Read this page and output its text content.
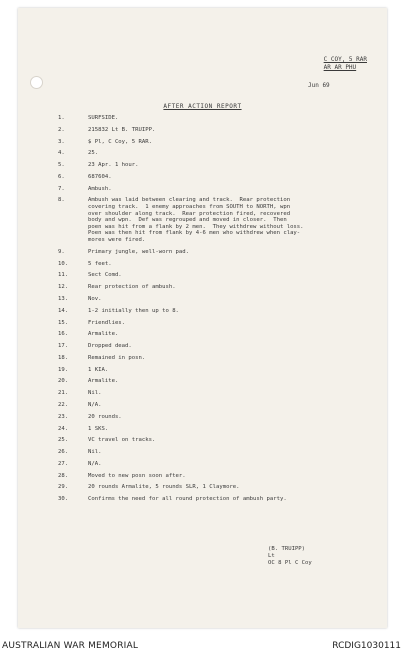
C COY, 5 RAR
AR AR PHU
Jun 69
AFTER ACTION REPORT
1.	SURFSIDE.
2.	215832 Lt B. TRUIPP.
3.	$ Pl, C Coy, 5 RAR.
4.	25.
5.	23 Apr. 1 hour.
6.	687604.
7.	Ambush.
8.	Ambush was laid between clearing and track.  Rear protection
covering track.  1 enemy approaches from SOUTH to NORTH, wpn
over shoulder along track.  Rear protection fired, recovered
body and wpn.  Def was regrouped and moved in closer.  Then
poen was hit from a flank by 2 men.  They withdrew without loss.
Poen was then hit from flank by 4-6 men who withdrew when clay-
mores were fired.
9.	Primary jungle, well-worn pad.
10.	5 feet.
11.	Sect Comd.
12.	Rear protection of ambush.
13.	Nov.
14.	1-2 initially then up to 8.
15.	Friendlies.
16.	Armalite.
17.	Dropped dead.
18.	Remained in posn.
19.	1 KIA.
20.	Armalite.
21.	Nil.
22.	N/A.
23.	20 rounds.
24.	1 SKS.
25.	VC travel on tracks.
26.	Nil.
27.	N/A.
28.	Moved to new posn soon after.
29.	20 rounds Armalite, 5 rounds SLR, 1 Claymore.
30.	Confirms the need for all round protection of ambush party.
(B. TRUIPP)
Lt
OC 8 Pl C Coy
AUSTRALIAN WAR MEMORIAL	RCDIG1030111
